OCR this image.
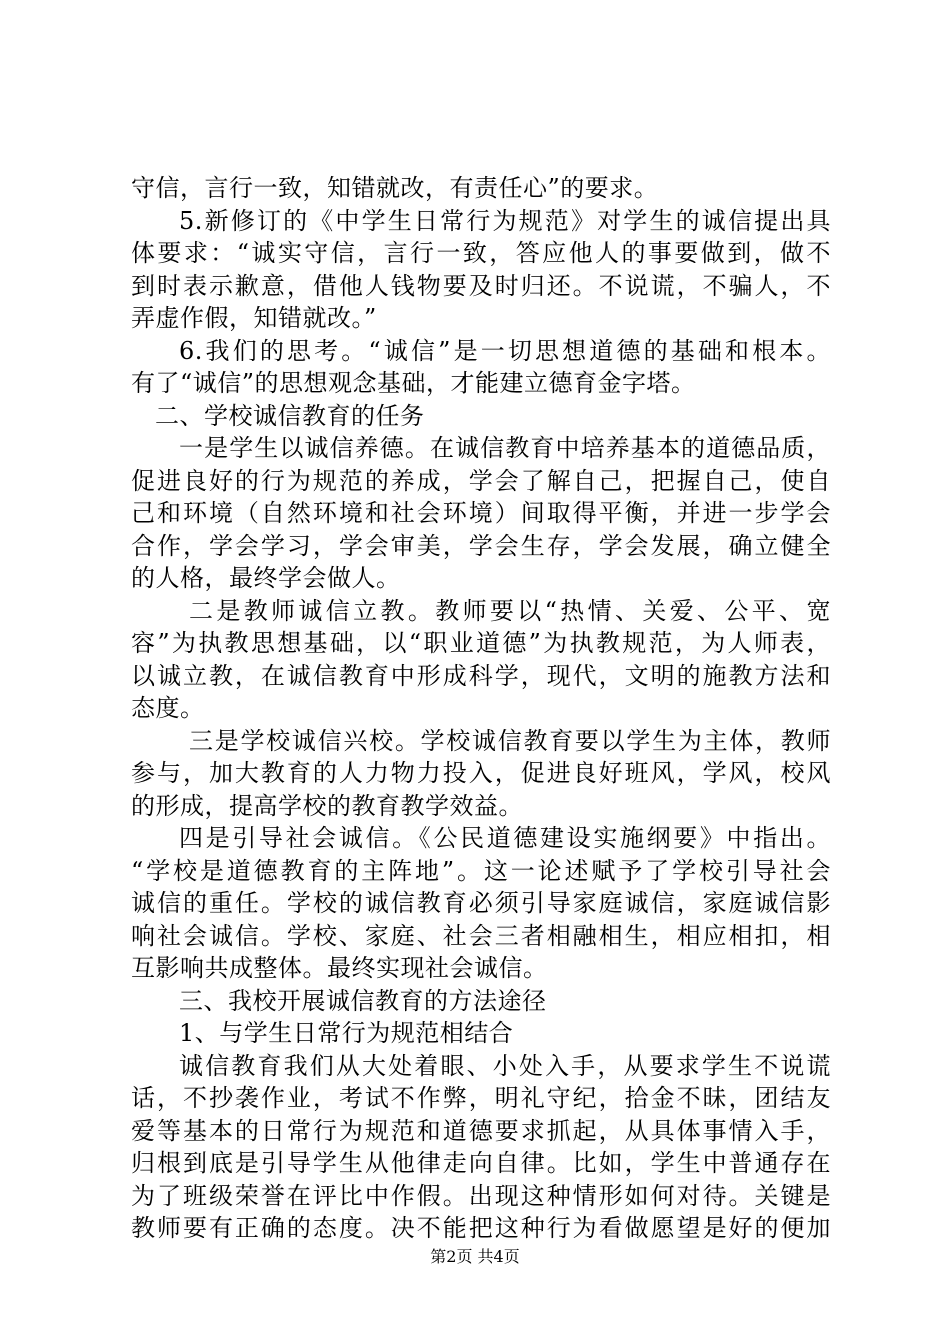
守信，言行一致，知错就改，有责任心”的要求。
5.新修订的《中学生日常行为规范》对学生的诚信提出具
体要求：“诚实守信，言行一致，答应他人的事要做到，做不
到时表示歉意，借他人钱物要及时归还。不说谎，不骗人，不
弄虚作假，知错就改。”
6.我们的思考。“诚信”是一切思想道德的基础和根本。
有了“诚信”的思想观念基础，才能建立德育金字塔。
二、学校诚信教育的任务
一是学生以诚信养德。在诚信教育中培养基本的道德品质，
促进良好的行为规范的养成，学会了解自己，把握自己，使自
己和环境（自然环境和社会环境）间取得平衡，并进一步学会
合作，学会学习，学会审美，学会生存，学会发展，确立健全
的人格，最终学会做人。
二是教师诚信立教。教师要以“热情、关爱、公平、宽
容”为执教思想基础，以“职业道德”为执教规范，为人师表，
以诚立教，在诚信教育中形成科学，现代，文明的施教方法和
态度。
三是学校诚信兴校。学校诚信教育要以学生为主体，教师
参与，加大教育的人力物力投入，促进良好班风，学风，校风
的形成，提高学校的教育教学效益。
四是引导社会诚信。《公民道德建设实施纲要》中指出。
“学校是道德教育的主阵地”。这一论述赋予了学校引导社会
诚信的重任。学校的诚信教育必须引导家庭诚信，家庭诚信影
响社会诚信。学校、家庭、社会三者相融相生，相应相扣，相
互影响共成整体。最终实现社会诚信。
三、我校开展诚信教育的方法途径
1、与学生日常行为规范相结合
诚信教育我们从大处着眼、小处入手，从要求学生不说谎
话，不抄袭作业，考试不作弊，明礼守纪，拾金不昧，团结友
爱等基本的日常行为规范和道德要求抓起，从具体事情入手，
归根到底是引导学生从他律走向自律。比如，学生中普通存在
为了班级荣誉在评比中作假。出现这种情形如何对待。关键是
教师要有正确的态度。决不能把这种行为看做愿望是好的便加
第2页 共4页
